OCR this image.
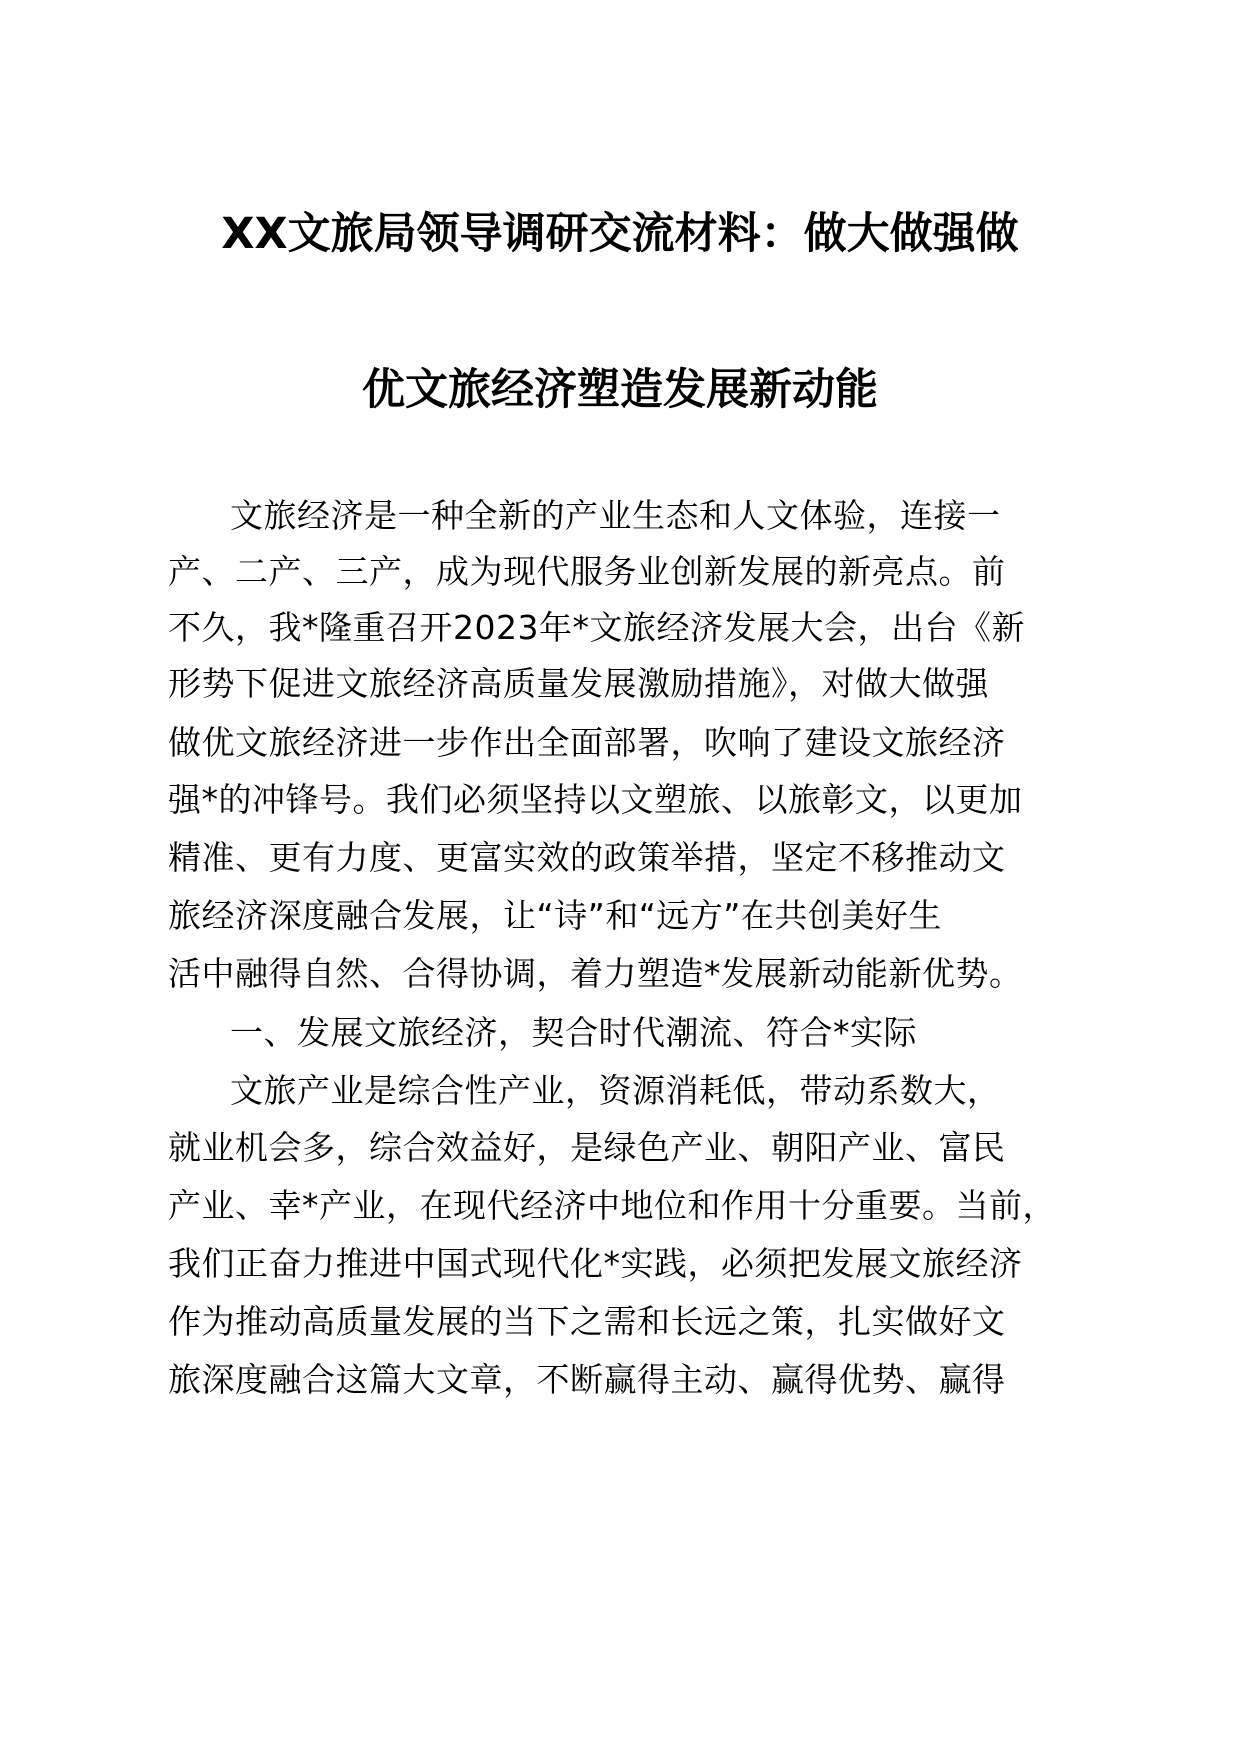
XX文旅局领导调研交流材料：做大做强做
优文旅经济塑造发展新动能
文旅经济是一种全新的产业生态和人文体验，连接一
产、二产、三产，成为现代服务业创新发展的新亮点。前
不久，我*隆重召开2023年*文旅经济发展大会，出台《新
形势下促进文旅经济高质量发展激励措施》，对做大做强
做优文旅经济进一步作出全面部署，吹响了建设文旅经济
强*的冲锋号。我们必须坚持以文塑旅、以旅彰文，以更加
精准、更有力度、更富实效的政策举措，坚定不移推动文
旅经济深度融合发展，让“诗”和“远方”在共创美好生
活中融得自然、合得协调，着力塑造*发展新动能新优势。
一、发展文旅经济，契合时代潮流、符合*实际
文旅产业是综合性产业，资源消耗低，带动系数大，
就业机会多，综合效益好，是绿色产业、朝阳产业、富民
产业、幸*产业，在现代经济中地位和作用十分重要。当前，
我们正奋力推进中国式现代化*实践，必须把发展文旅经济
作为推动高质量发展的当下之需和长远之策，扎实做好文
旅深度融合这篇大文章，不断赢得主动、赢得优势、赢得
